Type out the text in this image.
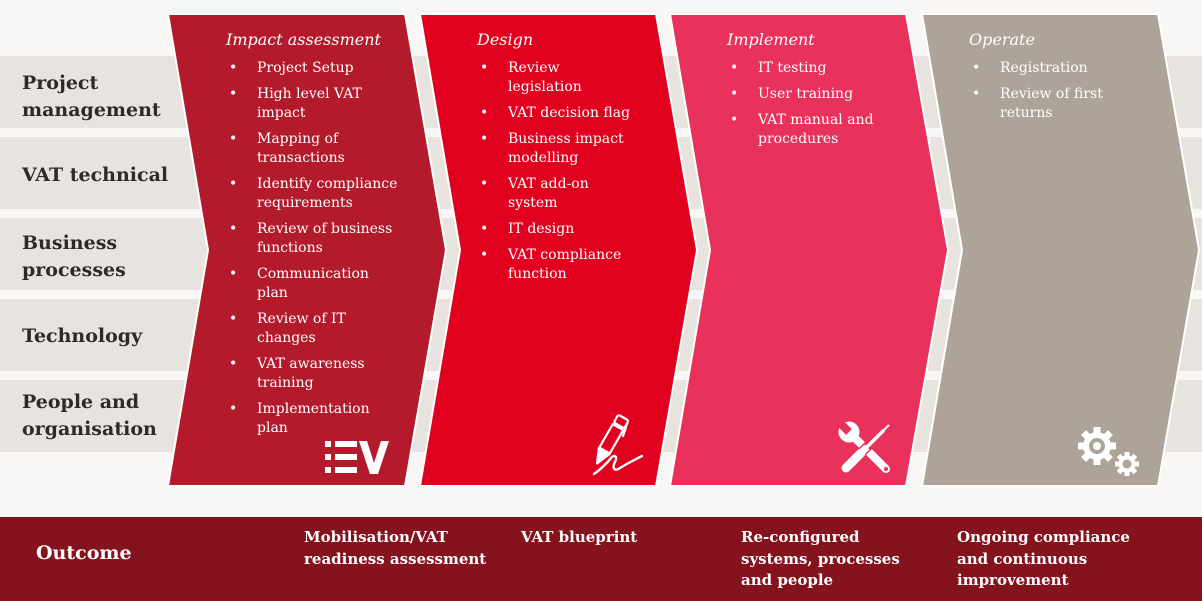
Project
management
VAT technical
Business
processes
Technology
People and
organisation
Impact assessment
• Project Setup
• High level VAT
impact
• Mapping of
transactions
• Identify compliance
requirements
• Review of business
functions
• Communication
plan
• Review of IT
changes
• VAT awareness
training
• Implementation
plan
Design
• Review
legislation
• VAT decision flag
• Business impact
modelling
• VAT add-on
system
• IT design
• VAT compliance
function
Implement
• IT testing
• User training
• VAT manual and
procedures
Operate
• Registration
• Review of first
returns
Outcome
Mobilisation/VAT
readiness assessment
VAT blueprint	Re-configured
systems, processes
and people
Ongoing compliance
and continuous
improvement
